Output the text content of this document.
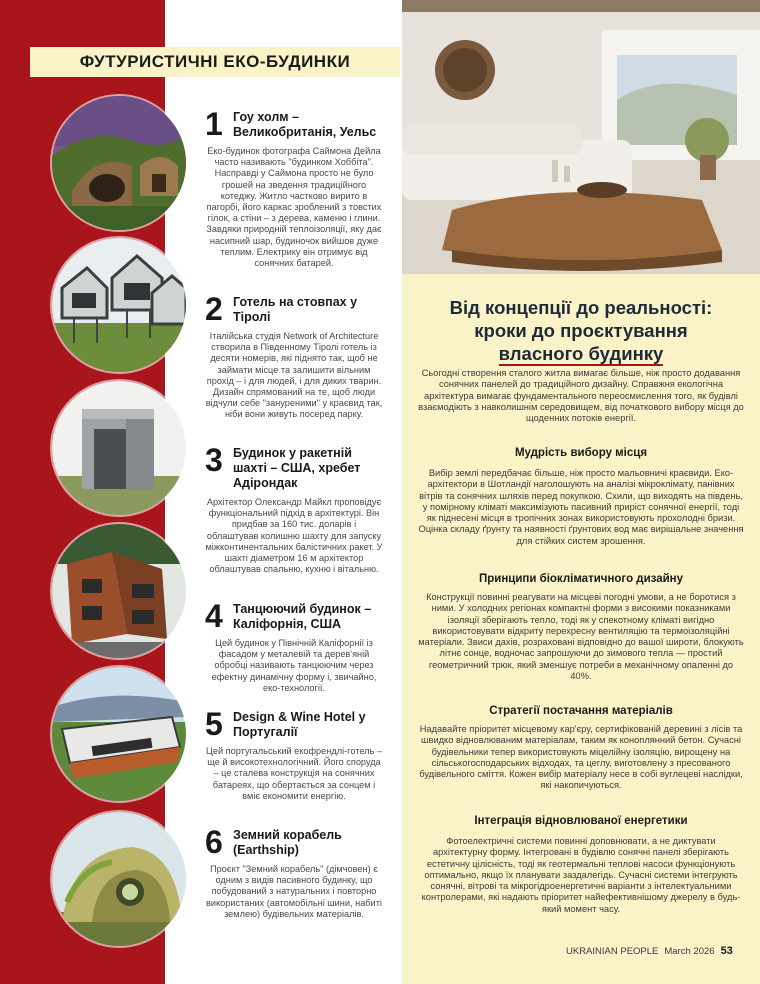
ФУТУРИСТИЧНІ ЕКО-БУДИНКИ
1 Гоу холм – Великобританія, Уельс
Еко-будинок фотографа Саймона Дейла часто називають "будинком Хоббіта". Насправді у Саймона просто не було грошей на зведення традиційного котеджу. Житло частково вирито в пагорбі, його каркас зроблений з товстих гілок, а стіни – з дерева, каменю і глини. Завдяки природній теплоізоляції, яку дає насипний шар, будиночок вийшов дуже теплим. Електрику він отримує від сонячних батарей.
2 Готель на стовпах у Тіролі
Італійська студія Network of Architecture створила в Південному Тіролі готель із десяти номерів, які піднято так, щоб не займати місце та залишити вільним прохід – і для людей, і для диких тварин. Дизайн спрямований на те, щоб люди відчули себе "зануреними" у краєвид так, ніби вони живуть посеред парку.
3 Будинок у ракетній шахті – США, хребет Адірондак
Архітектор Олександр Майкл проповідує функціональний підхід в архітектурі. Він придбав за 160 тис. доларів і облаштував колишню шахту для запуску міжконтинентальних балістичних ракет. У шахті діаметром 16 м архітектор облаштував спальню, кухню і вітальню.
4 Танцюючий будинок – Каліфорнія, США
Цей будинок у Північній Каліфорнії із фасадом у металевій та дерев'яній обробці називають танцюючим через ефектну динамічну форму і, звичайно, еко-технології.
5 Design & Wine Hotel у Португалії
Цей португальський екофрендлі-готель – ще й високотехнологічний. Його споруда – це сталева конструкція на сонячних батареях, що обертається за сонцем і вміє економити енергію.
6 Земний корабель (Earthship)
Проєкт "Земний корабель" (дімчовен) є одним з видів пасивного будинку, що побудований з натуральних і повторно використаних (автомобільні шини, набиті землею) будівельних матеріалів.
Від концепції до реальності:
кроки до проєктування
власного будинку
Сьогодні створення сталого житла вимагає більше, ніж просто додавання сонячних панелей до традиційного дизайну. Справжня екологічна архітектура вимагає фундаментального переосмислення того, як будівлі взаємодіють з навколишнім середовищем, від початкового вибору місця до щоденних потоків енергії.
Мудрість вибору місця
Вибір землі передбачає більше, ніж просто мальовничі краєвиди. Еко-архітектори в Шотландії наголошують на аналізі мікроклімату, панівних вітрів та сонячних шляхів перед покупкою. Схили, що виходять на південь, у помірному кліматі максимізують пасивний приріст сонячної енергії, тоді як піднесені місця в тропічних зонах використовують прохолодні бризи. Оцінка складу ґрунту та наявності ґрунтових вод має вирішальне значення для стійких систем зрошення.
Принципи біокліматичного дизайну
Конструкції повинні реагувати на місцеві погодні умови, а не боротися з ними. У холодних регіонах компактні форми з високими показниками ізоляції зберігають тепло, тоді як у спекотному кліматі вигідно використовувати відкриту перехресну вентиляцію та термоізоляційні матеріали. Звиси дахів, розраховані відповідно до вашої широти, блокують літнє сонце, водночас запрошуючи до зимового тепла — простий геометричний трюк, який зменшує потреби в механічному опаленні до 40%.
Стратегії постачання матеріалів
Надавайте пріоритет місцевому кар'єру, сертифікованій деревині з лісів та швидко відновлюваним матеріалам, таким як коноплянний бетон. Сучасні будівельники тепер використовують міцелійну ізоляцію, вирощену на сільськогосподарських відходах, та цеглу, виготовлену з пресованого будівельного сміття. Кожен вибір матеріалу несе в собі вуглецеві наслідки, які накопичуються.
Інтеграція відновлюваної енергетики
Фотоелектричні системи повинні доповнювати, а не диктувати архітектурну форму. Інтегровані в будівлю сонячні панелі зберігають естетичну цілісність, тоді як геотермальні теплові насоси функціонують оптимально, якщо їх планувати заздалегідь. Сучасні системи інтегрують сонячні, вітрові та мікрогідроенергетичні варіанти з інтелектуальними контролерами, які надають пріоритет найефективнішому джерелу в будь-який момент часу.
UKRAINIAN PEOPLE March 2026 53
